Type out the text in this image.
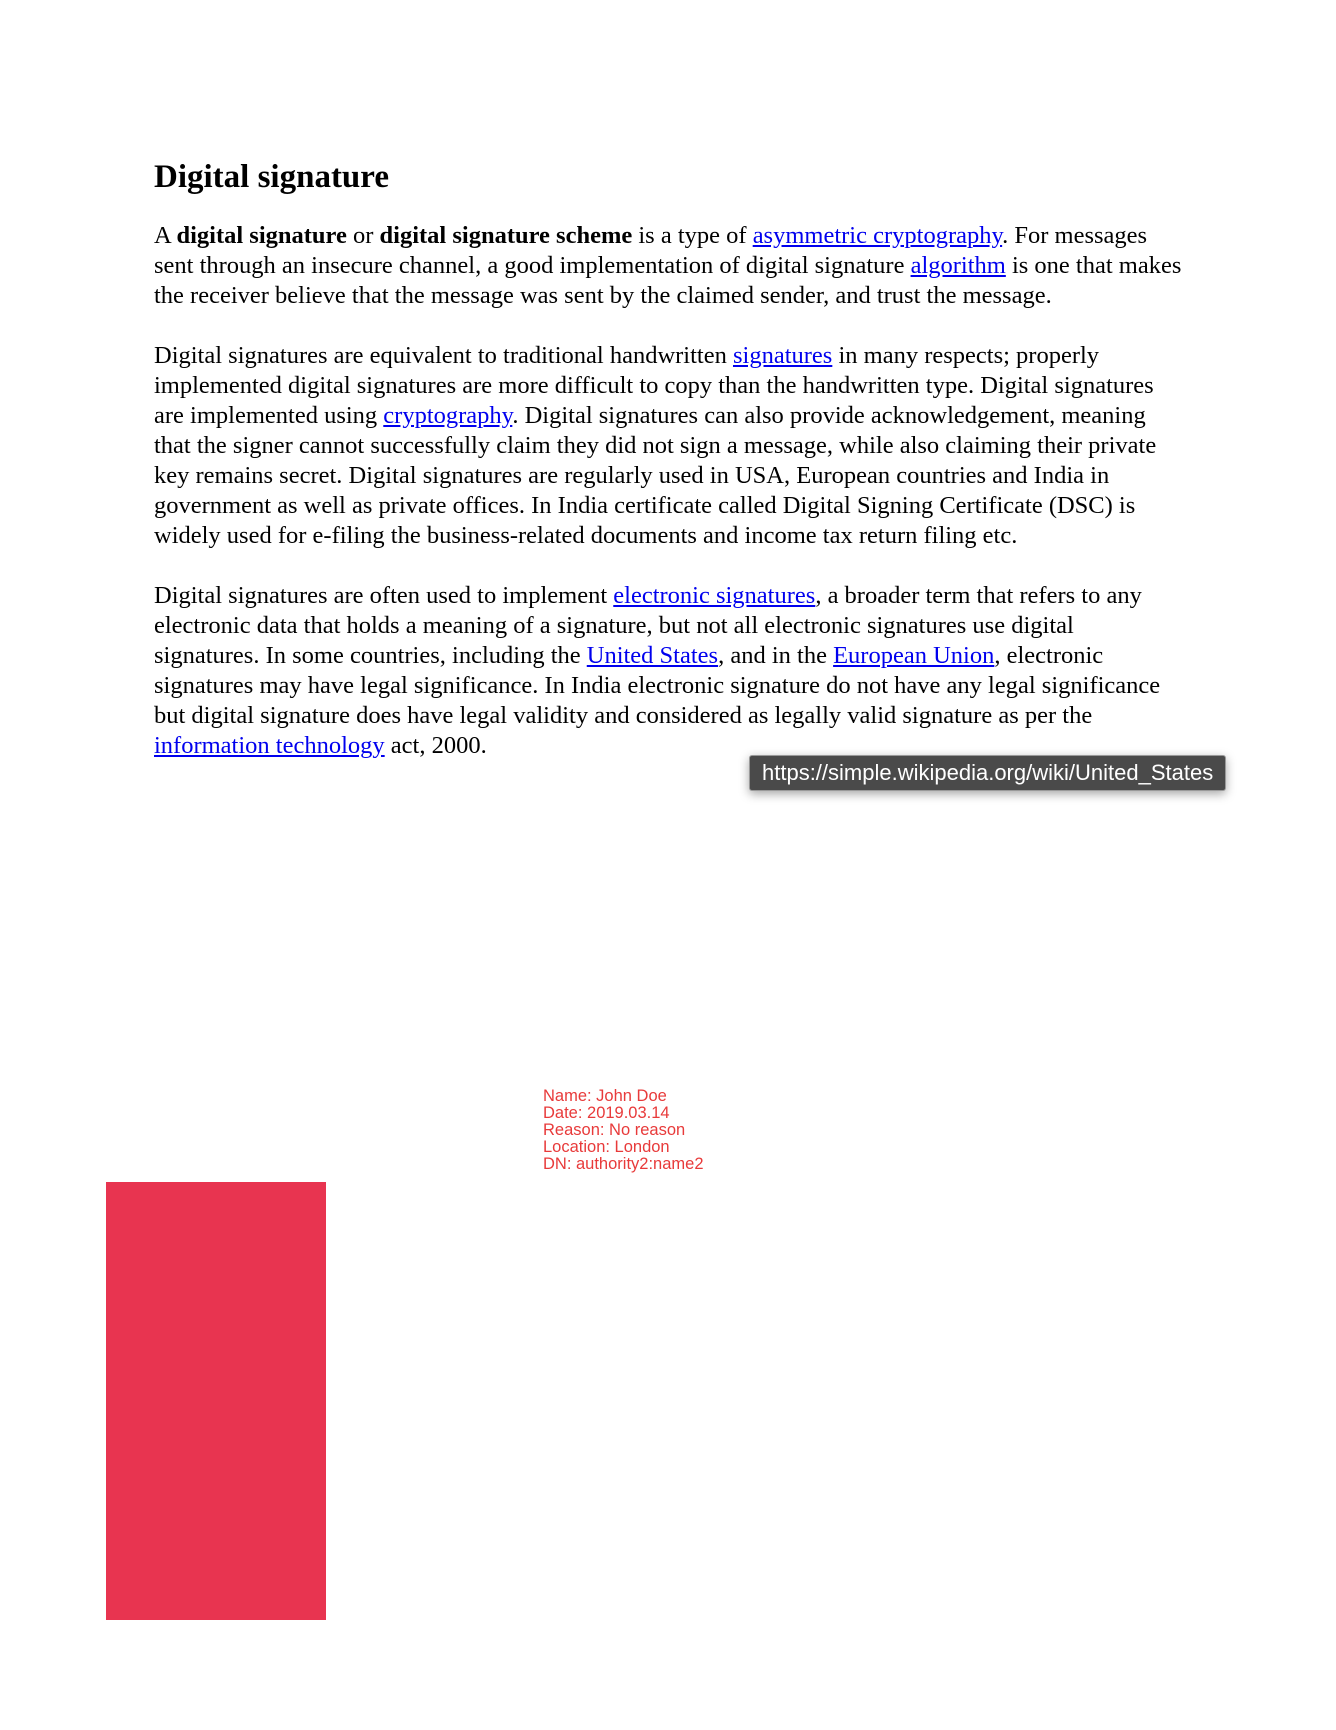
Digital signature

A digital signature or digital signature scheme is a type of asymmetric cryptography. For messages sent through an insecure channel, a good implementation of digital signature algorithm is one that makes the receiver believe that the message was sent by the claimed sender, and trust the message.

Digital signatures are equivalent to traditional handwritten signatures in many respects; properly implemented digital signatures are more difficult to copy than the handwritten type. Digital signatures are implemented using cryptography. Digital signatures can also provide acknowledgement, meaning that the signer cannot successfully claim they did not sign a message, while also claiming their private key remains secret. Digital signatures are regularly used in USA, European countries and India in government as well as private offices. In India certificate called Digital Signing Certificate (DSC) is widely used for e-filing the business-related documents and income tax return filing etc.

Digital signatures are often used to implement electronic signatures, a broader term that refers to any electronic data that holds a meaning of a signature, but not all electronic signatures use digital signatures. In some countries, including the United States, and in the European Union, electronic signatures may have legal significance. In India electronic signature do not have any legal significance but digital signature does have legal validity and considered as legally valid signature as per the information technology act, 2000.

https://simple.wikipedia.org/wiki/United_States
Name: John Doe
Date: 2019.03.14
Reason: No reason
Location: London
DN: authority2:name2
